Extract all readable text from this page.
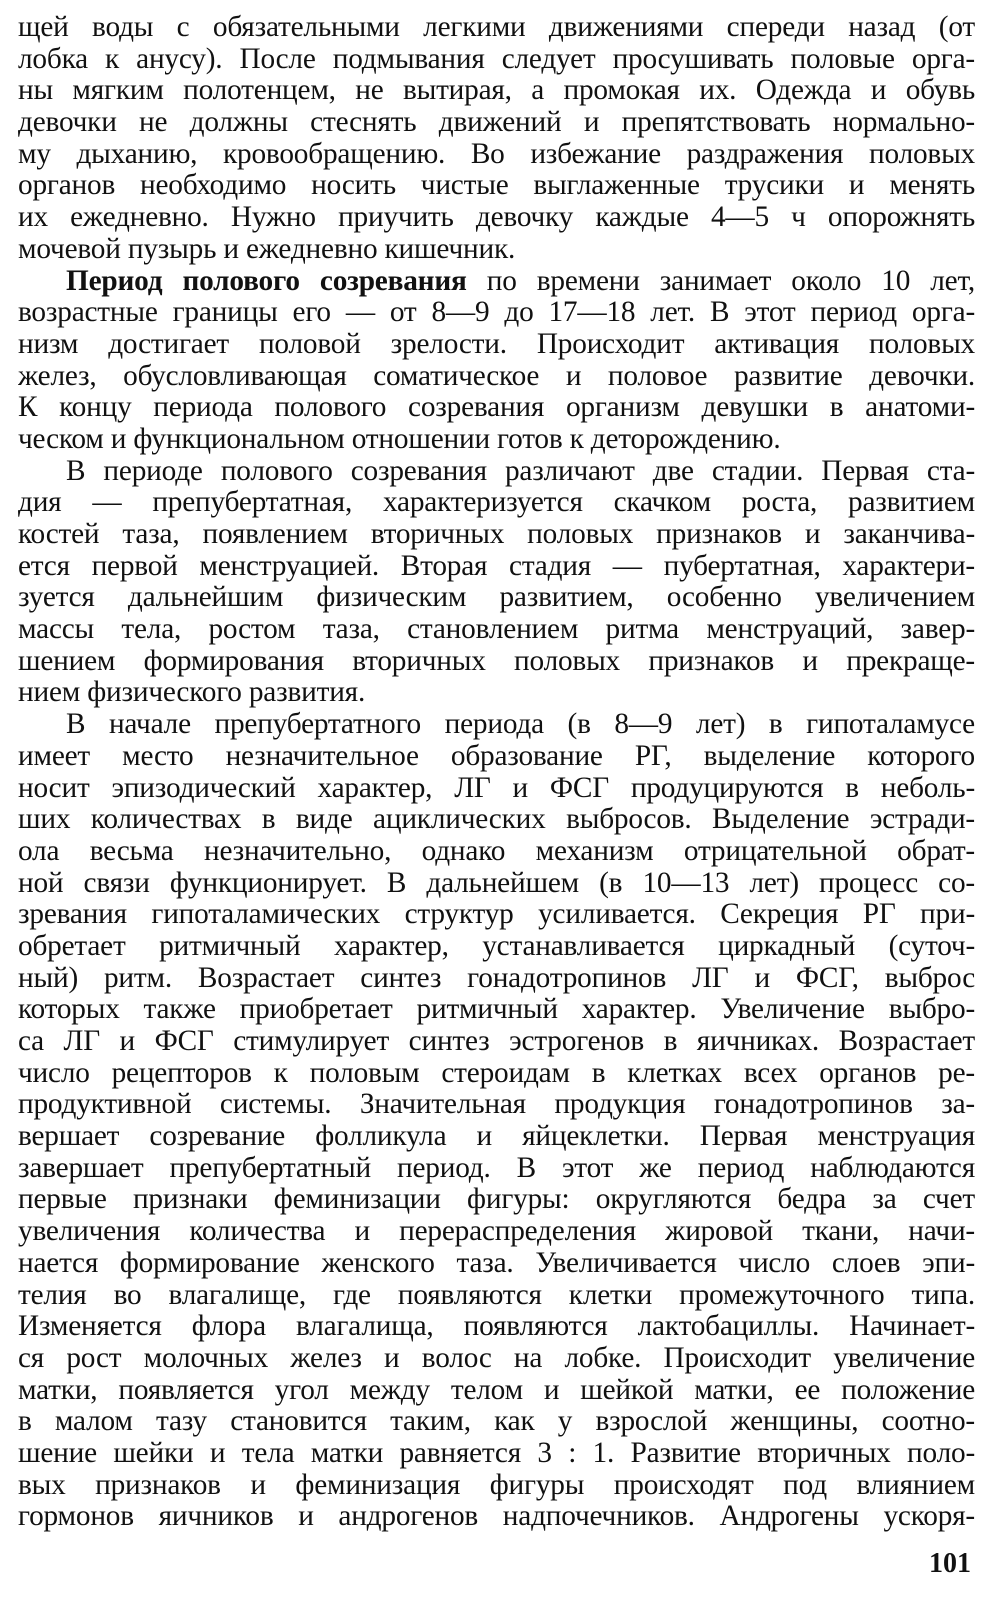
щей воды с обязательными легкими движениями спереди назад (от
лобка к анусу). После подмывания следует просушивать половые орга-
ны мягким полотенцем, не вытирая, а промокая их. Одежда и обувь
девочки не должны стеснять движений и препятствовать нормально-
му дыханию, кровообращению. Во избежание раздражения половых
органов необходимо носить чистые выглаженные трусики и менять
их ежедневно. Нужно приучить девочку каждые 4—5 ч опорожнять
мочевой пузырь и ежедневно кишечник.
Период полового созревания по времени занимает около 10 лет,
возрастные границы его — от 8—9 до 17—18 лет. В этот период орга-
низм достигает половой зрелости. Происходит активация половых
желез, обусловливающая соматическое и половое развитие девочки.
К концу периода полового созревания организм девушки в анатоми-
ческом и функциональном отношении готов к деторождению.
В периоде полового созревания различают две стадии. Первая ста-
дия — препубертатная, характеризуется скачком роста, развитием
костей таза, появлением вторичных половых признаков и заканчива-
ется первой менструацией. Вторая стадия — пубертатная, характери-
зуется дальнейшим физическим развитием, особенно увеличением
массы тела, ростом таза, становлением ритма менструаций, завер-
шением формирования вторичных половых признаков и прекраще-
нием физического развития.
В начале препубертатного периода (в 8—9 лет) в гипоталамусе
имеет место незначительное образование РГ, выделение которого
носит эпизодический характер, ЛГ и ФСГ продуцируются в неболь-
ших количествах в виде ациклических выбросов. Выделение эстради-
ола весьма незначительно, однако механизм отрицательной обрат-
ной связи функционирует. В дальнейшем (в 10—13 лет) процесс со-
зревания гипоталамических структур усиливается. Секреция РГ при-
обретает ритмичный характер, устанавливается циркадный (суточ-
ный) ритм. Возрастает синтез гонадотропинов ЛГ и ФСГ, выброс
которых также приобретает ритмичный характер. Увеличение выбро-
са ЛГ и ФСГ стимулирует синтез эстрогенов в яичниках. Возрастает
число рецепторов к половым стероидам в клетках всех органов ре-
продуктивной системы. Значительная продукция гонадотропинов за-
вершает созревание фолликула и яйцеклетки. Первая менструация
завершает препубертатный период. В этот же период наблюдаются
первые признаки феминизации фигуры: округляются бедра за счет
увеличения количества и перераспределения жировой ткани, начи-
нается формирование женского таза. Увеличивается число слоев эпи-
телия во влагалище, где появляются клетки промежуточного типа.
Изменяется флора влагалища, появляются лактобациллы. Начинает-
ся рост молочных желез и волос на лобке. Происходит увеличение
матки, появляется угол между телом и шейкой матки, ее положение
в малом тазу становится таким, как у взрослой женщины, соотно-
шение шейки и тела матки равняется 3 : 1. Развитие вторичных поло-
вых признаков и феминизация фигуры происходят под влиянием
гормонов яичников и андрогенов надпочечников. Андрогены ускоря-
101
